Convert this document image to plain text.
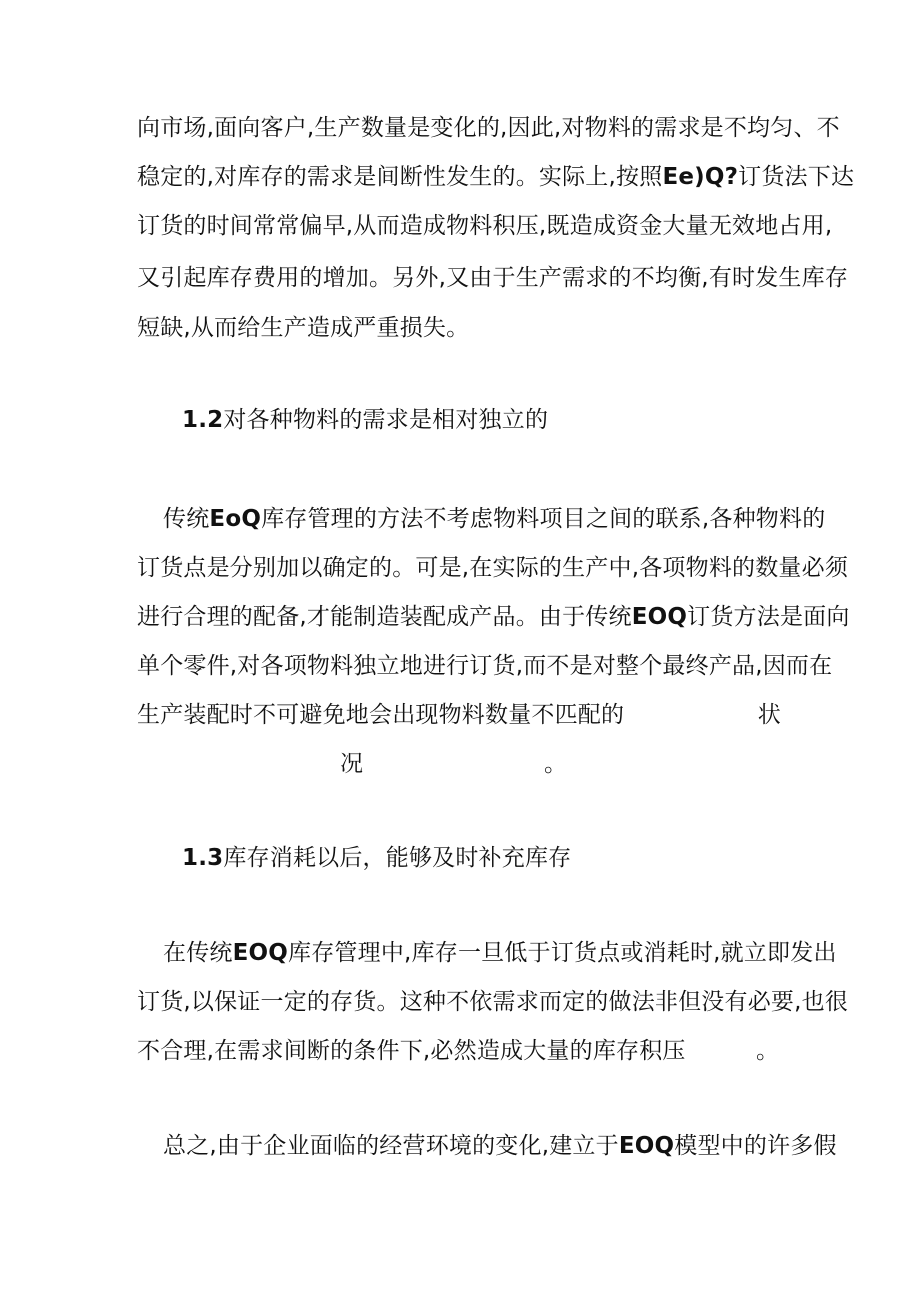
向市场,面向客户,生产数量是变化的,因此,对物料的需求是不均匀、不
稳定的,对库存的需求是间断性发生的。实际上,按照Ee)Q?订货法下达
订货的时间常常偏早,从而造成物料积压,既造成资金大量无效地占用,
又引起库存费用的增加。另外,又由于生产需求的不均衡,有时发生库存
短缺,从而给生产造成严重损失。
1.2对各种物料的需求是相对独立的
传统EoQ库存管理的方法不考虑物料项目之间的联系,各种物料的
订货点是分别加以确定的。可是,在实际的生产中,各项物料的数量必须
进行合理的配备,才能制造装配成产品。由于传统EOQ订货方法是面向
单个零件,对各项物料独立地进行订货,而不是对整个最终产品,因而在
生产装配时不可避免地会出现物料数量不匹配的	状
况	。
1.3库存消耗以后，能够及时补充库存
在传统EOQ库存管理中,库存一旦低于订货点或消耗时,就立即发出
订货,以保证一定的存货。这种不依需求而定的做法非但没有必要,也很
不合理,在需求间断的条件下,必然造成大量的库存积压	。
总之,由于企业面临的经营环境的变化,建立于EOQ模型中的许多假
